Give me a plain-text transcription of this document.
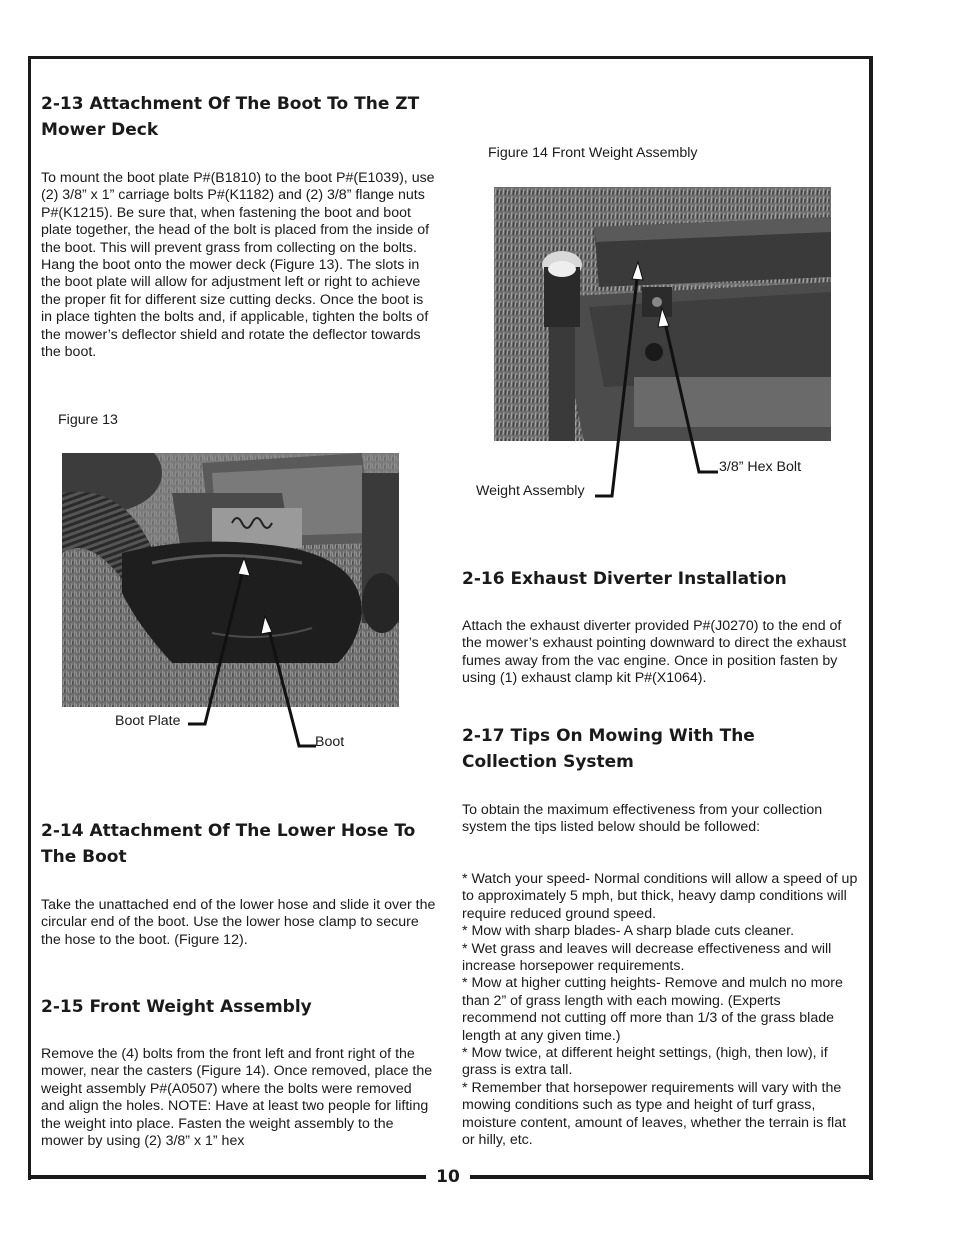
10
2-13 Attachment Of The Boot To The ZT Mower Deck

To mount the boot plate P#(B1810) to the boot P#(E1039), use (2) 3/8” x 1” carriage bolts P#(K1182) and (2) 3/8” flange nuts P#(K1215). Be sure that, when fastening the boot and boot plate together, the head of the bolt is placed from the inside of the boot. This will prevent grass from collecting on the bolts. Hang the boot onto the mower deck (Figure 13). The slots in the boot plate will allow for adjustment left or right to achieve the proper fit for different size cutting decks. Once the boot is in place tighten the bolts and, if applicable, tighten the bolts of the mower’s deflector shield and rotate the deflector towards the boot.

Figure 13
Boot Plate
Boot
2-14 Attachment Of The Lower Hose To The Boot

Take the unattached end of the lower hose and slide it over the circular end of the boot. Use the lower hose clamp to secure the hose to the boot. (Figure 12).

2-15 Front Weight Assembly

Remove the (4) bolts from the front left and front right of the mower, near the casters (Figure 14). Once removed, place the weight assembly P#(A0507) where the bolts were removed and align the holes. NOTE: Have at least two people for lifting the weight into place. Fasten the weight assembly to the mower by using (2) 3/8” x 1” hex

Figure 14 Front Weight Assembly
3/8” Hex Bolt
Weight Assembly
2-16 Exhaust Diverter Installation

Attach the exhaust diverter provided P#(J0270) to the end of the mower’s exhaust pointing downward to direct the exhaust fumes away from the vac engine. Once in position fasten by using (1) exhaust clamp kit P#(X1064).

2-17 Tips On Mowing With The Collection System

To obtain the maximum effectiveness from your collection system the tips listed below should be followed:

* Watch your speed- Normal conditions will allow a speed of up to approximately 5 mph, but thick, heavy damp conditions will require reduced ground speed.
* Mow with sharp blades- A sharp blade cuts cleaner.
* Wet grass and leaves will decrease effectiveness and will increase horsepower requirements.
* Mow at higher cutting heights- Remove and mulch no more than 2” of grass length with each mowing. (Experts recommend not cutting off more than 1/3 of the grass blade length at any given time.)
* Mow twice, at different height settings, (high, then low), if grass is extra tall.
* Remember that horsepower requirements will vary with the mowing conditions such as type and height of turf grass, moisture content, amount of leaves, whether the terrain is flat or hilly, etc.
